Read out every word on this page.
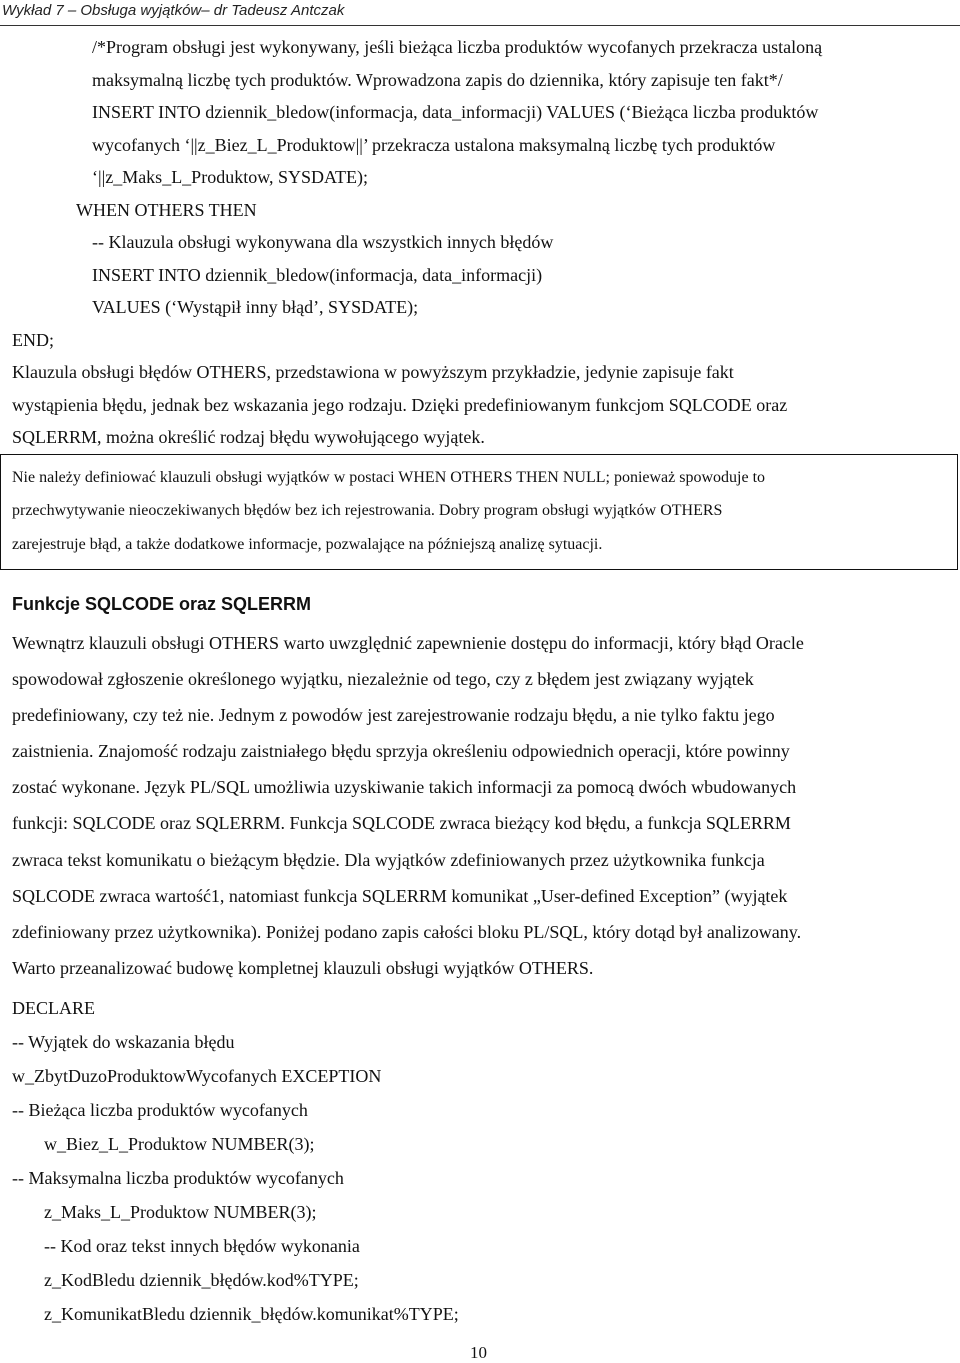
Wykład 7 – Obsługa wyjątków– dr Tadeusz Antczak
/*Program obsługi jest wykonywany, jeśli bieżąca liczba produktów wycofanych przekracza ustaloną
maksymalną liczbę tych produktów. Wprowadzona zapis do dziennika, który zapisuje ten fakt*/
INSERT INTO dziennik_bledow(informacja, data_informacji) VALUES (‘Bieżąca liczba produktów
wycofanych ‘||z_Biez_L_Produktow||’ przekracza ustalona maksymalną liczbę tych produktów
‘||z_Maks_L_Produktow, SYSDATE);
WHEN OTHERS THEN
-- Klauzula obsługi wykonywana dla wszystkich innych błędów
INSERT INTO dziennik_bledow(informacja, data_informacji)
VALUES (‘Wystąpił inny błąd’, SYSDATE);
END;
Klauzula obsługi błędów OTHERS, przedstawiona w powyższym przykładzie, jedynie zapisuje fakt
wystąpienia błędu, jednak bez wskazania jego rodzaju. Dzięki predefiniowanym funkcjom SQLCODE oraz
SQLERRM, można określić rodzaj błędu wywołującego wyjątek.
Nie należy definiować klauzuli obsługi wyjątków w postaci WHEN OTHERS THEN NULL; ponieważ spowoduje to
przechwytywanie nieoczekiwanych błędów bez ich rejestrowania. Dobry program obsługi wyjątków OTHERS
zarejestruje błąd, a także dodatkowe informacje, pozwalające na późniejszą analizę sytuacji.
Funkcje SQLCODE oraz SQLERRM
Wewnątrz klauzuli obsługi OTHERS warto uwzględnić zapewnienie dostępu do informacji, który błąd Oracle
spowodował zgłoszenie określonego wyjątku, niezależnie od tego, czy z błędem jest związany wyjątek
predefiniowany, czy też nie. Jednym z powodów jest zarejestrowanie rodzaju błędu, a nie tylko faktu jego
zaistnienia. Znajomość rodzaju zaistniałego błędu sprzyja określeniu odpowiednich operacji, które powinny
zostać wykonane. Język PL/SQL umożliwia uzyskiwanie takich informacji za pomocą dwóch wbudowanych
funkcji: SQLCODE oraz SQLERRM. Funkcja SQLCODE zwraca bieżący kod błędu, a funkcja SQLERRM
zwraca tekst komunikatu o bieżącym błędzie. Dla wyjątków zdefiniowanych przez użytkownika funkcja
SQLCODE zwraca wartość1, natomiast funkcja SQLERRM komunikat „User-defined Exception” (wyjątek
zdefiniowany przez użytkownika). Poniżej podano zapis całości bloku PL/SQL, który dotąd był analizowany.
Warto przeanalizować budowę kompletnej klauzuli obsługi wyjątków OTHERS.
DECLARE
-- Wyjątek do wskazania błędu
w_ZbytDuzoProduktowWycofanych EXCEPTION
-- Bieżąca liczba produktów wycofanych
w_Biez_L_Produktow NUMBER(3);
-- Maksymalna liczba produktów wycofanych
z_Maks_L_Produktow NUMBER(3);
-- Kod oraz tekst innych błędów wykonania
z_KodBledu dziennik_błędów.kod%TYPE;
z_KomunikatBledu dziennik_błędów.komunikat%TYPE;
10
